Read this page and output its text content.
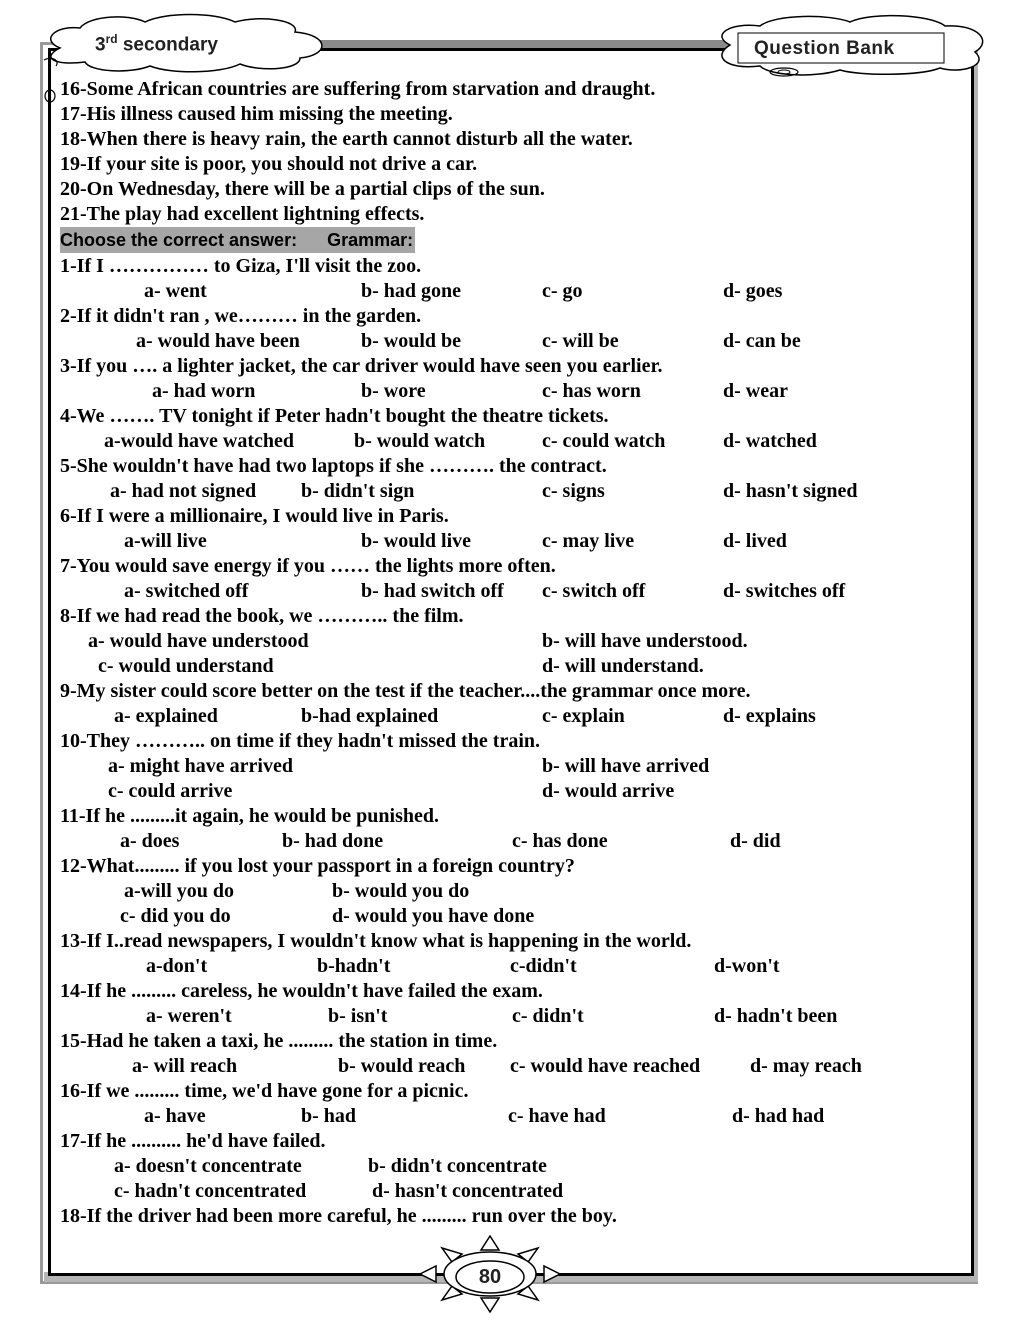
3rd secondary	Question Bank
16-Some African countries are suffering from starvation and draught.
17-His illness caused him missing the meeting.
18-When there is heavy rain, the earth cannot disturb all the water.
19-If your site is poor, you should not drive a car.
20-On Wednesday, there will be a partial clips of the sun.
21-The play had excellent lightning effects.
Choose the correct answer: Grammar:
1-If I …………… to Giza, I'll visit the zoo.
a- went	b- had gone	c- go	d- goes
2-If it didn't ran , we……… in the garden.
a- would have been	b- would be	c- will be	d- can be
3-If you …. a lighter jacket, the car driver would have seen you earlier.
a- had worn	b- wore	c- has worn	d- wear
4-We ……. TV tonight if Peter hadn't bought the theatre tickets.
a-would have watched	b- would watch	c- could watch	d- watched
5-She wouldn't have had two laptops if she ………. the contract.
a- had not signed b- didn't sign	c- signs	d- hasn't signed
6-If I were a millionaire, I would live in Paris.
a-will live	b- would live	c- may live	d- lived
7-You would save energy if you …… the lights more often.
a- switched off	b- had switch off c- switch off	d- switches off
8-If we had read the book, we ……….. the film.
a- would have understood	b- will have understood.
c- would understand	d- will understand.
9-My sister could score better on the test if the teacher....the grammar once more.
a- explained	b-had explained	c- explain	d- explains
10-They ……….. on time if they hadn't missed the train.
a- might have arrived	b- will have arrived
c- could arrive	d- would arrive
11-If he .........it again, he would be punished.
a- does	b- had done	c- has done	d- did
12-What......... if you lost your passport in a foreign country?
a-will you do	b- would you do
c- did you do	d- would you have done
13-If I..read newspapers, I wouldn't know what is happening in the world.
a-don't	b-hadn't	c-didn't	d-won't
14-If he ......... careless, he wouldn't have failed the exam.
a- weren't	b- isn't	c- didn't	d- hadn't been
15-Had he taken a taxi, he ......... the station in time.
a- will reach	b- would reach c- would have reached d- may reach
16-If we ......... time, we'd have gone for a picnic.
a- have	b- had	c- have had	d- had had
17-If he .......... he'd have failed.
a- doesn't concentrate	b- didn't concentrate
c- hadn't concentrated	d- hasn't concentrated
18-If the driver had been more careful, he ......... run over the boy.
80
